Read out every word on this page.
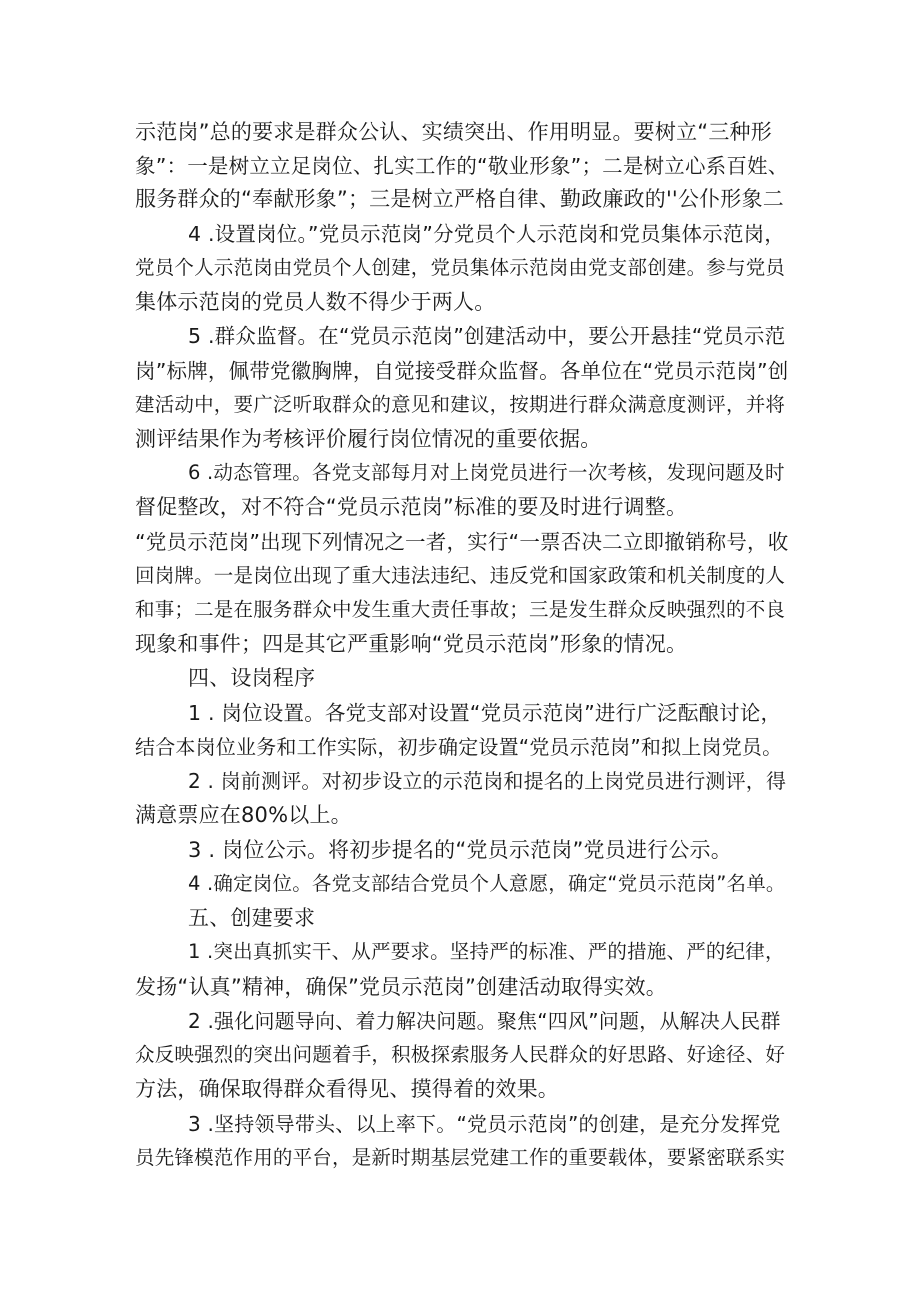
示范岗”总的要求是群众公认、实绩突出、作用明显。要树立“三种形
象”：一是树立立足岗位、扎实工作的“敬业形象”；二是树立心系百姓、
服务群众的“奉献形象”；三是树立严格自律、勤政廉政的''公仆形象二
4 .设置岗位。”党员示范岗”分党员个人示范岗和党员集体示范岗，
党员个人示范岗由党员个人创建，党员集体示范岗由党支部创建。参与党员
集体示范岗的党员人数不得少于两人。
5 .群众监督。在“党员示范岗”创建活动中，要公开悬挂“党员示范
岗”标牌，佩带党徽胸牌，自觉接受群众监督。各单位在“党员示范岗”创
建活动中，要广泛听取群众的意见和建议，按期进行群众满意度测评，并将
测评结果作为考核评价履行岗位情况的重要依据。
6 .动态管理。各党支部每月对上岗党员进行一次考核，发现问题及时
督促整改，对不符合“党员示范岗”标准的要及时进行调整。
“党员示范岗”出现下列情况之一者，实行“一票否决二立即撤销称号，收
回岗牌。一是岗位出现了重大违法违纪、违反党和国家政策和机关制度的人
和事；二是在服务群众中发生重大责任事故；三是发生群众反映强烈的不良
现象和事件；四是其它严重影响“党员示范岗”形象的情况。
四、设岗程序
1 . 岗位设置。各党支部对设置“党员示范岗”进行广泛酝酿讨论，
结合本岗位业务和工作实际，初步确定设置“党员示范岗”和拟上岗党员。
2 . 岗前测评。对初步设立的示范岗和提名的上岗党员进行测评，得
满意票应在80%以上。
3 . 岗位公示。将初步提名的“党员示范岗”党员进行公示。
4 .确定岗位。各党支部结合党员个人意愿，确定“党员示范岗”名单。
五、创建要求
1 .突出真抓实干、从严要求。坚持严的标准、严的措施、严的纪律，
发扬“认真”精神，确保”党员示范岗”创建活动取得实效。
2 .强化问题导向、着力解决问题。聚焦“四风”问题，从解决人民群
众反映强烈的突出问题着手，积极探索服务人民群众的好思路、好途径、好
方法，确保取得群众看得见、摸得着的效果。
3 .坚持领导带头、以上率下。“党员示范岗”的创建，是充分发挥党
员先锋模范作用的平台，是新时期基层党建工作的重要载体，要紧密联系实
